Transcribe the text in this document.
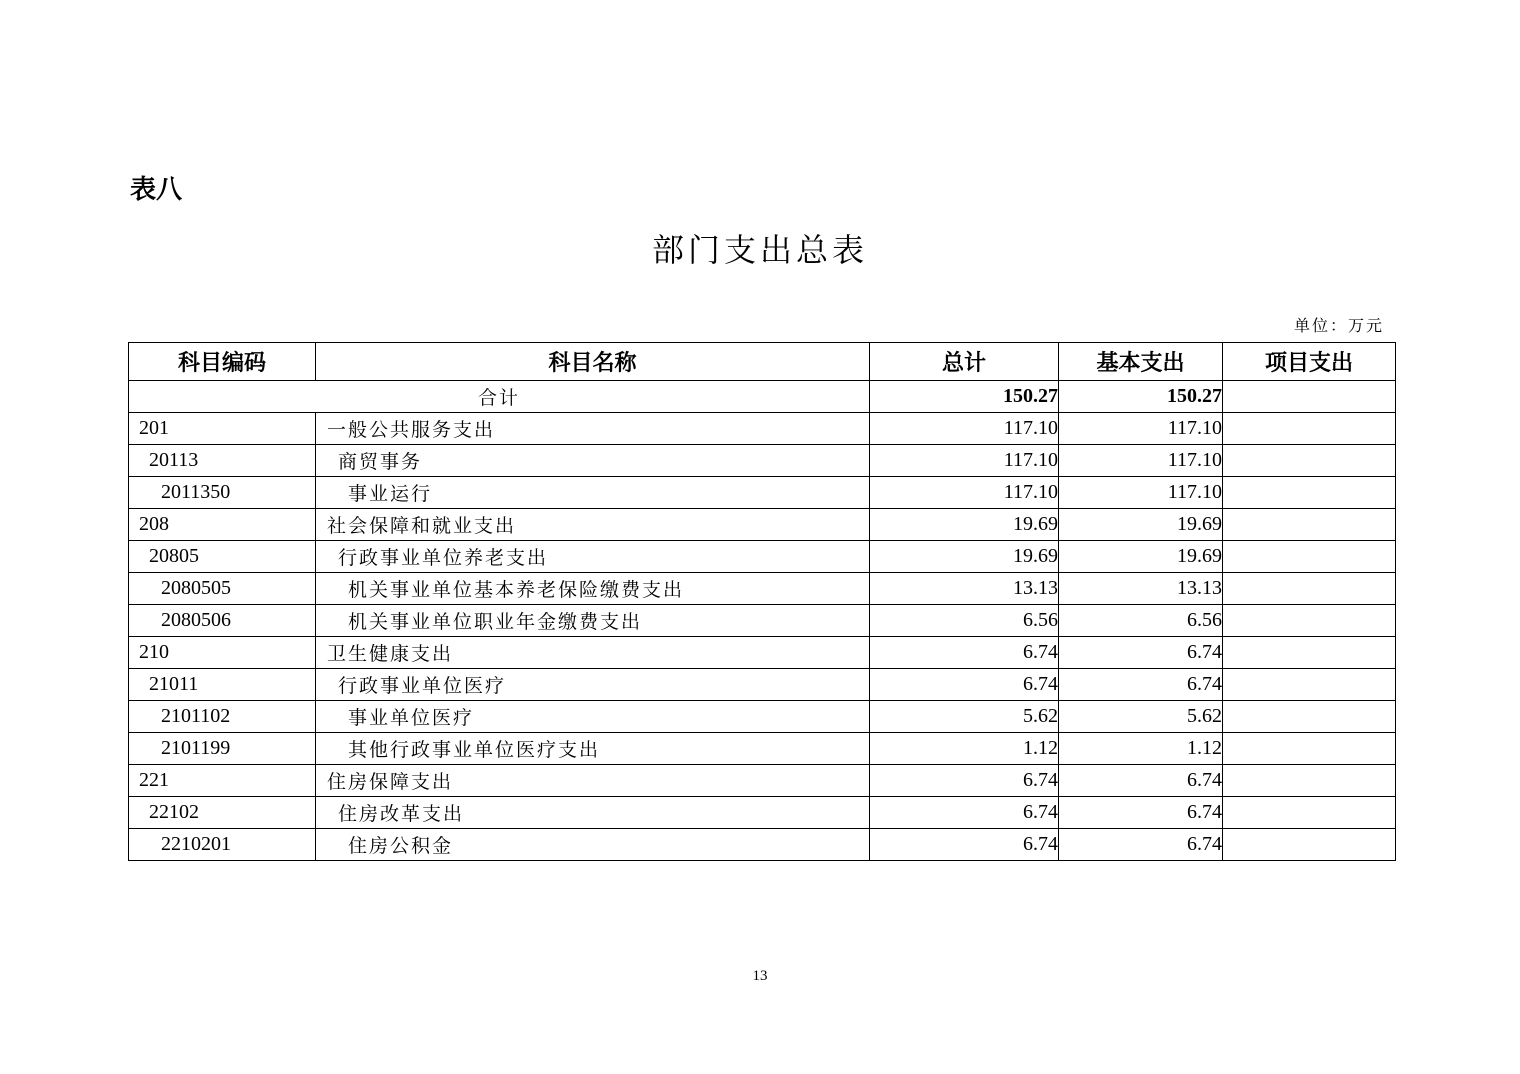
表八
部门支出总表
单位：万元
科目编码	科目名称	总计	基本支出	项目支出
合计		150.27	150.27	
201	一般公共服务支出	117.10	117.10	
20113	商贸事务	117.10	117.10	
2011350	事业运行	117.10	117.10	
208	社会保障和就业支出	19.69	19.69	
20805	行政事业单位养老支出	19.69	19.69	
2080505	机关事业单位基本养老保险缴费支出	13.13	13.13	
2080506	机关事业单位职业年金缴费支出	6.56	6.56	
210	卫生健康支出	6.74	6.74	
21011	行政事业单位医疗	6.74	6.74	
2101102	事业单位医疗	5.62	5.62	
2101199	其他行政事业单位医疗支出	1.12	1.12	
221	住房保障支出	6.74	6.74	
22102	住房改革支出	6.74	6.74	
2210201	住房公积金	6.74	6.74	
13
